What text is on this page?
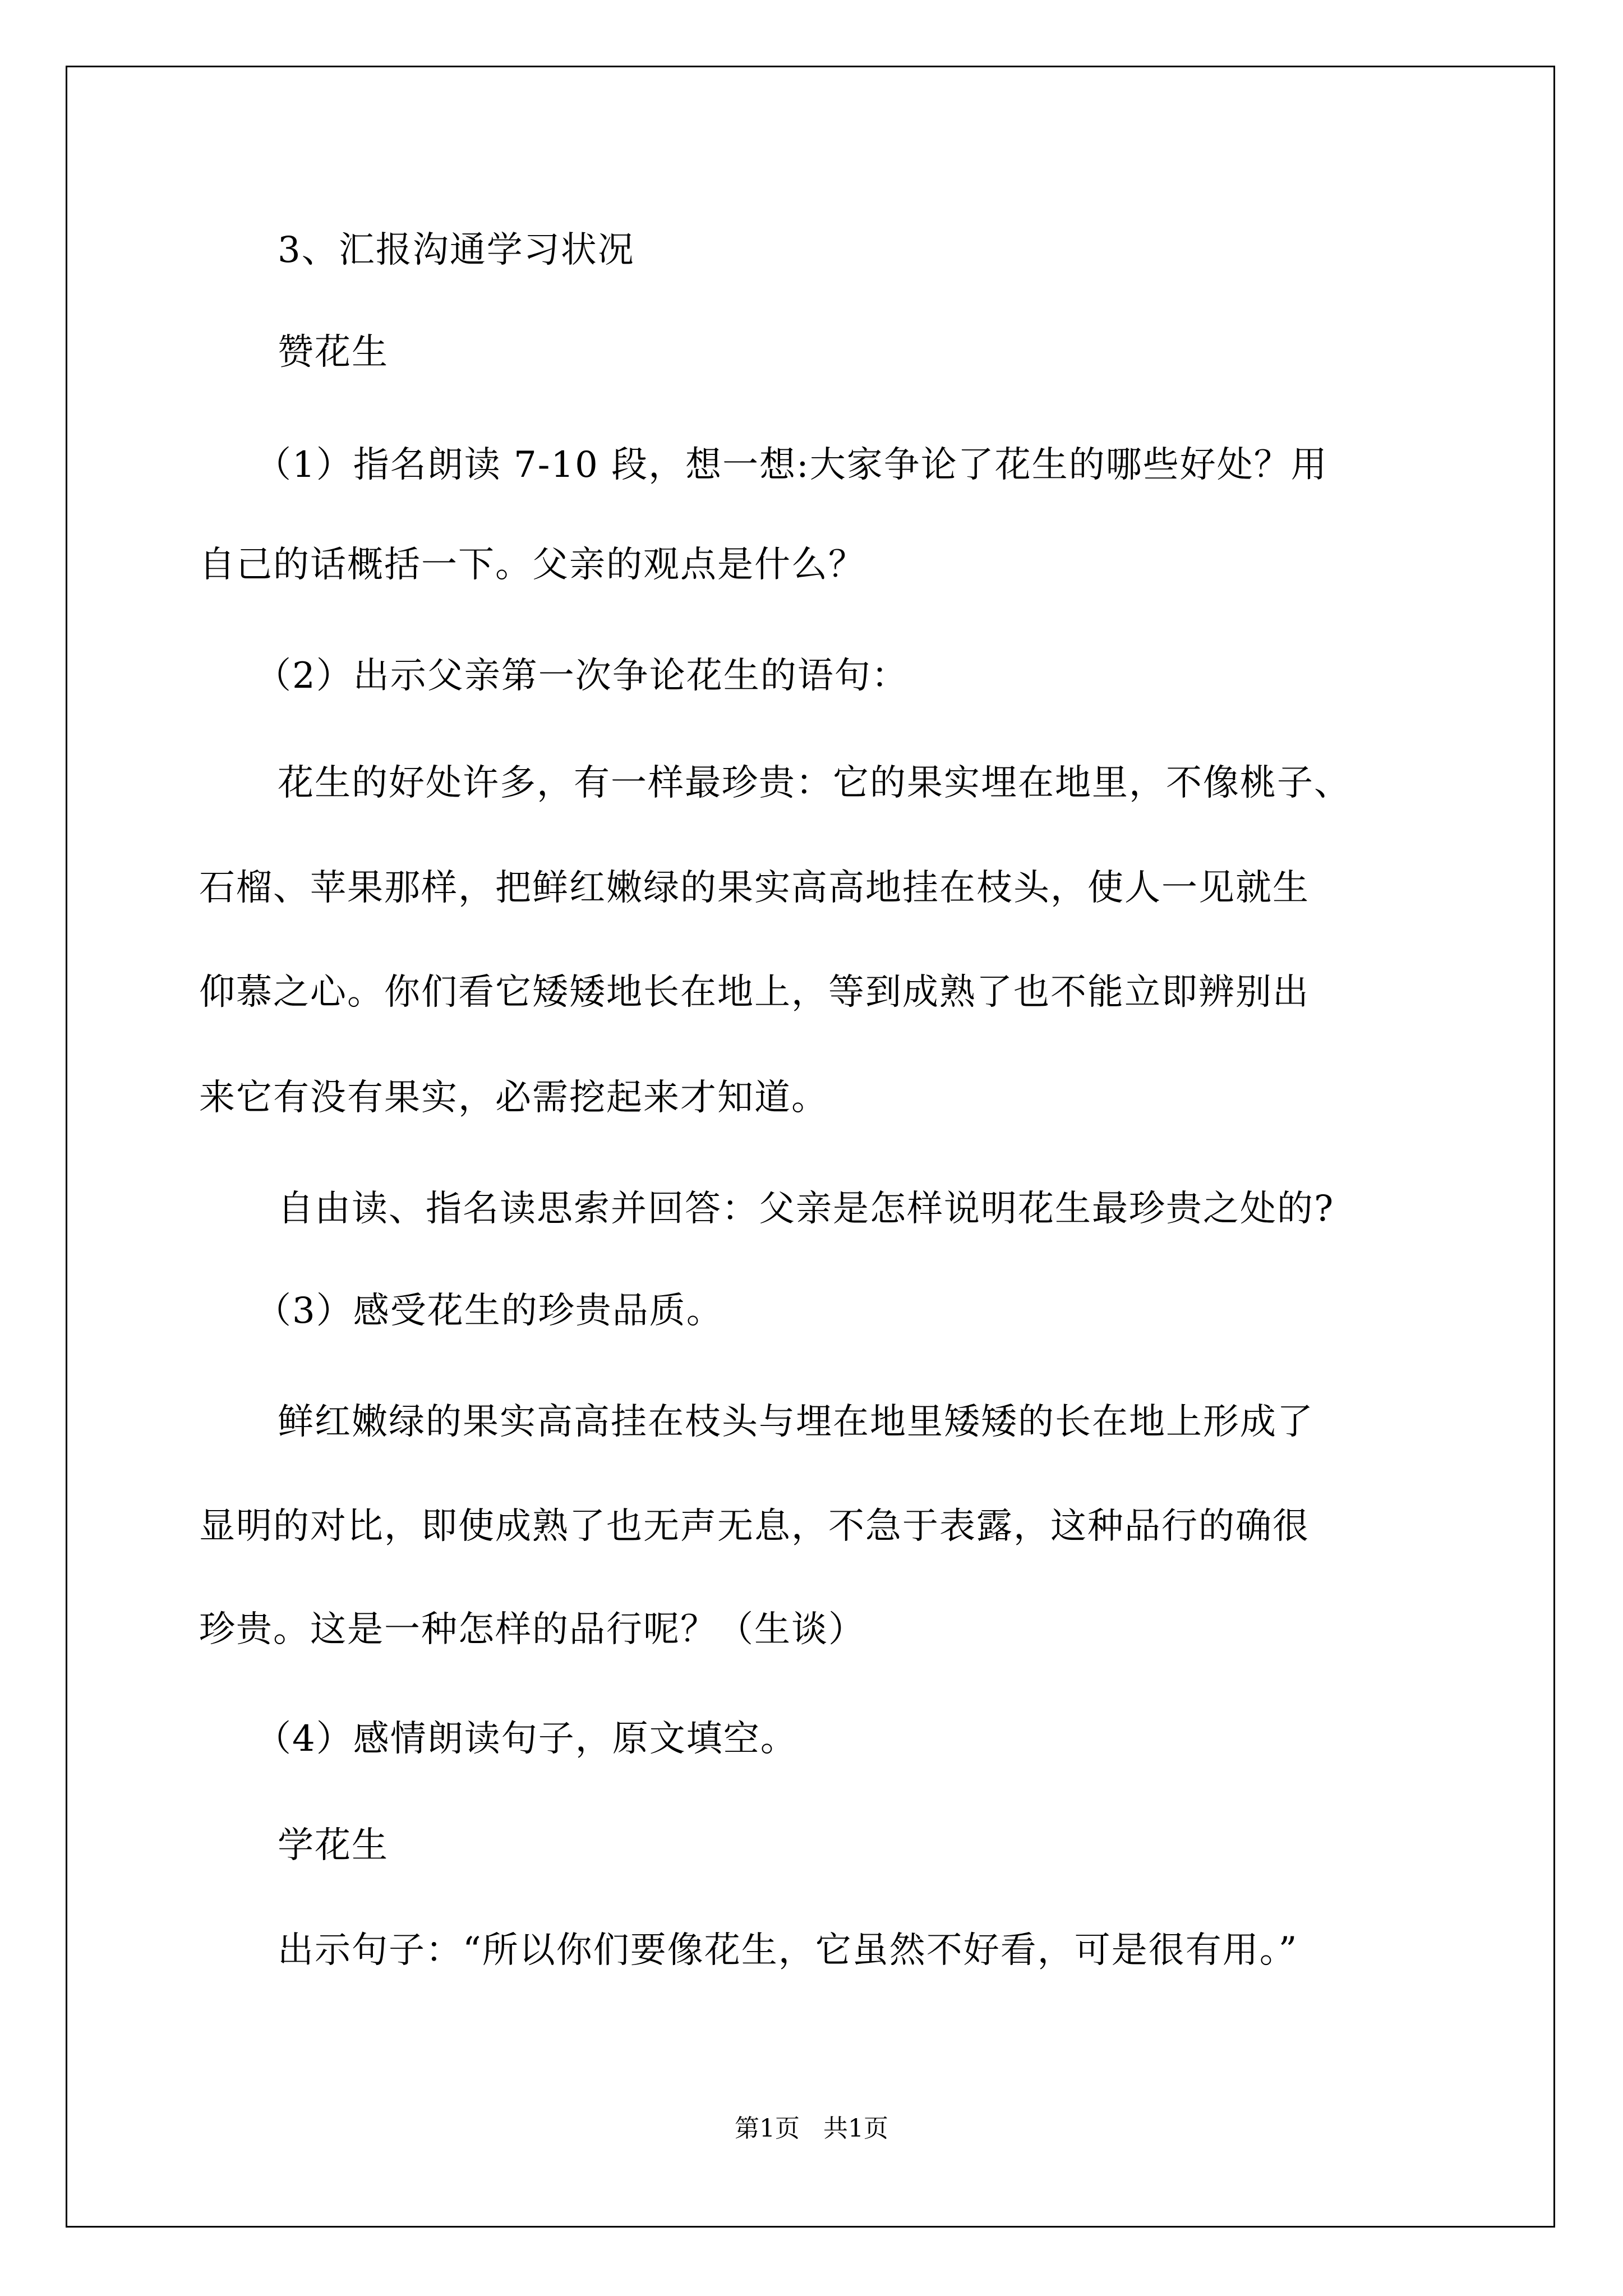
3、汇报沟通学习状况
赞花生
（1）指名朗读 7-10 段，想一想:大家争论了花生的哪些好处？用
自己的话概括一下。父亲的观点是什么？
（2）出示父亲第一次争论花生的语句：
花生的好处许多，有一样最珍贵：它的果实埋在地里，不像桃子、
石榴、苹果那样，把鲜红嫩绿的果实高高地挂在枝头，使人一见就生
仰慕之心。你们看它矮矮地长在地上，等到成熟了也不能立即辨别出
来它有没有果实，必需挖起来才知道。
自由读、指名读思索并回答：父亲是怎样说明花生最珍贵之处的?
（3）感受花生的珍贵品质。
鲜红嫩绿的果实高高挂在枝头与埋在地里矮矮的长在地上形成了
显明的对比，即使成熟了也无声无息，不急于表露，这种品行的确很
珍贵。这是一种怎样的品行呢？（生谈）
（4）感情朗读句子，原文填空。
学花生
出示句子：“所以你们要像花生，它虽然不好看，可是很有用。”
第1页   共1页
